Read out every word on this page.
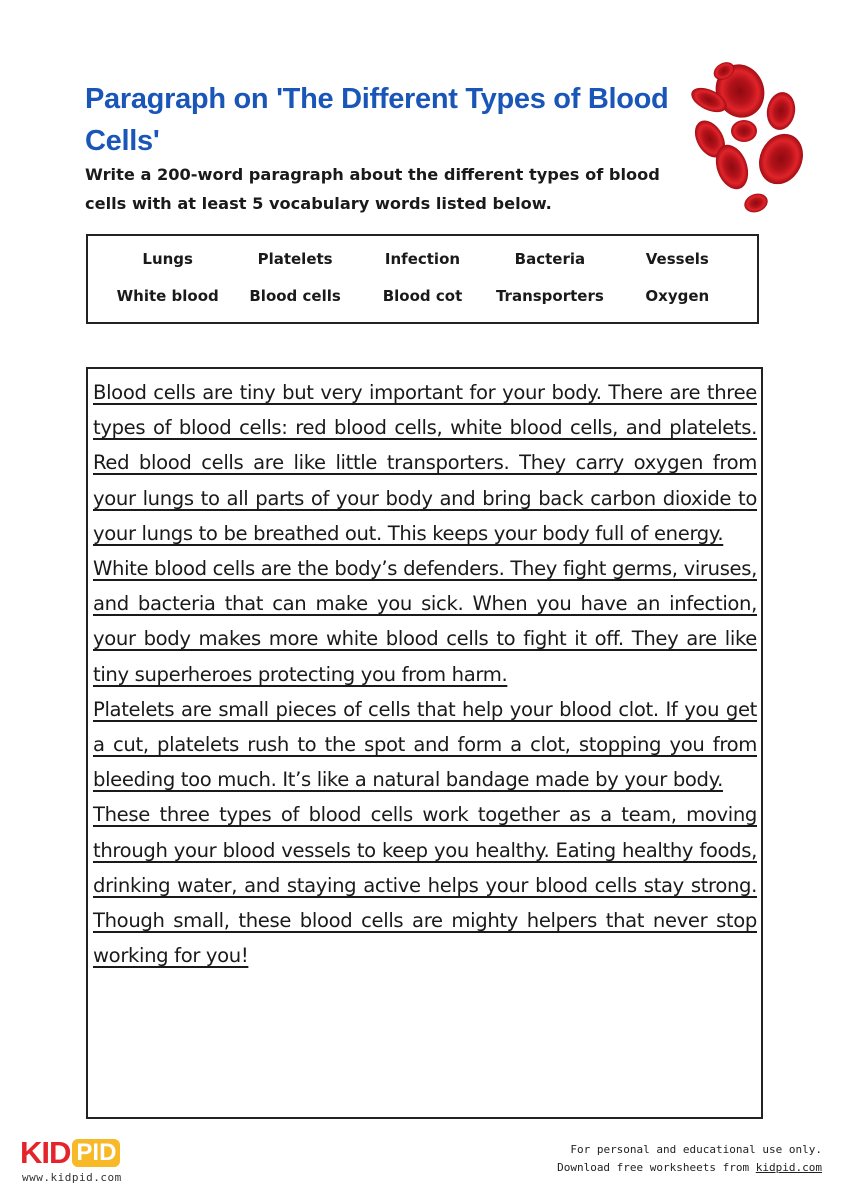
Paragraph on 'The Different Types of Blood Cells'
Write a 200-word paragraph about the different types of blood cells with at least 5 vocabulary words listed below.
Lungs	Platelets	Infection	Bacteria	Vessels
White blood	Blood cells	Blood cot	Transporters	Oxygen

Blood cells are tiny but very important for your body. There are three types of blood cells: red blood cells, white blood cells, and platelets. Red blood cells are like little transporters. They carry oxygen from your lungs to all parts of your body and bring back carbon dioxide to your lungs to be breathed out. This keeps your body full of energy.

White blood cells are the body’s defenders. They fight germs, viruses, and bacteria that can make you sick. When you have an infection, your body makes more white blood cells to fight it off. They are like tiny superheroes protecting you from harm.

Platelets are small pieces of cells that help your blood clot. If you get a cut, platelets rush to the spot and form a clot, stopping you from bleeding too much. It’s like a natural bandage made by your body.

These three types of blood cells work together as a team, moving through your blood vessels to keep you healthy. Eating healthy foods, drinking water, and staying active helps your blood cells stay strong. Though small, these blood cells are mighty helpers that never stop working for you!

KID PID
www.kidpid.com
For personal and educational use only.
Download free worksheets from kidpid.com
